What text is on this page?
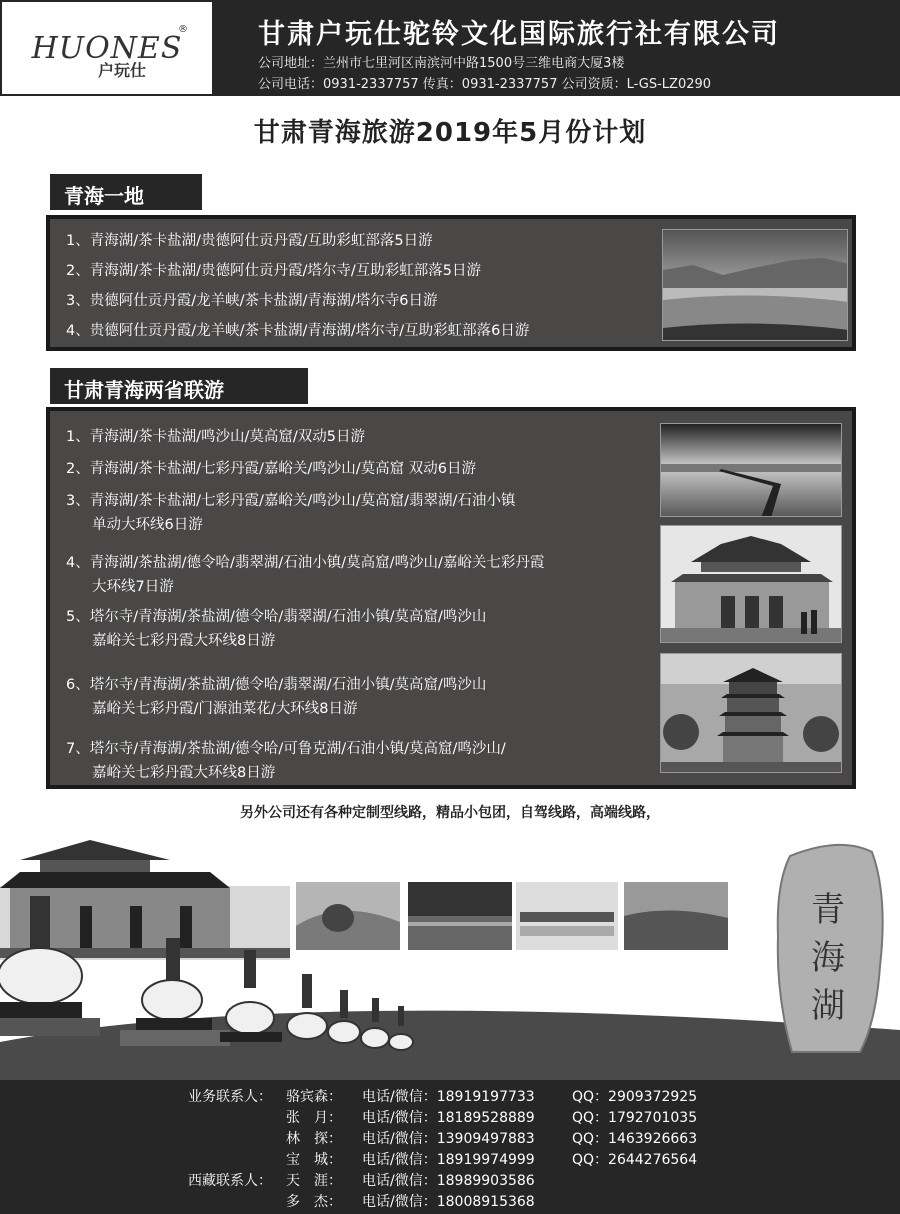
HUONES
户玩仕
®	甘肃户玩仕驼铃文化国际旅行社有限公司
公司地址：兰州市七里河区南滨河中路1500号三维电商大厦3楼
公司电话：0931-2337757 传真：0931-2337757 公司资质：L-GS-LZ0290
甘肃青海旅游2019年5月份计划
青海一地
1、青海湖/茶卡盐湖/贵德阿仕贡丹霞/互助彩虹部落5日游
2、青海湖/茶卡盐湖/贵德阿仕贡丹霞/塔尔寺/互助彩虹部落5日游
3、贵德阿仕贡丹霞/龙羊峡/茶卡盐湖/青海湖/塔尔寺6日游
4、贵德阿仕贡丹霞/龙羊峡/茶卡盐湖/青海湖/塔尔寺/互助彩虹部落6日游
甘肃青海两省联游
1、青海湖/茶卡盐湖/鸣沙山/莫高窟/双动5日游
2、青海湖/茶卡盐湖/七彩丹霞/嘉峪关/鸣沙山/莫高窟 双动6日游
3、青海湖/茶卡盐湖/七彩丹霞/嘉峪关/鸣沙山/莫高窟/翡翠湖/石油小镇
单动大环线6日游
4、青海湖/茶盐湖/德令哈/翡翠湖/石油小镇/莫高窟/鸣沙山/嘉峪关七彩丹霞
大环线7日游
5、塔尔寺/青海湖/茶盐湖/德令哈/翡翠湖/石油小镇/莫高窟/鸣沙山
嘉峪关七彩丹霞大环线8日游
6、塔尔寺/青海湖/茶盐湖/德令哈/翡翠湖/石油小镇/莫高窟/鸣沙山
嘉峪关七彩丹霞/门源油菜花/大环线8日游
7、塔尔寺/青海湖/茶盐湖/德令哈/可鲁克湖/石油小镇/莫高窟/鸣沙山/
嘉峪关七彩丹霞大环线8日游
另外公司还有各种定制型线路，精品小包团，自驾线路，高端线路，
青
海
湖
业务联系人： 骆宾森： 电话/微信：18919197733	QQ：2909372925
张　月： 电话/微信：18189528889	QQ：1792701035
林　探： 电话/微信：13909497883	QQ：1463926663
宝　城： 电话/微信：18919974999	QQ：2644276564
西藏联系人： 天　涯： 电话/微信：18989903586
多　杰： 电话/微信：18008915368
